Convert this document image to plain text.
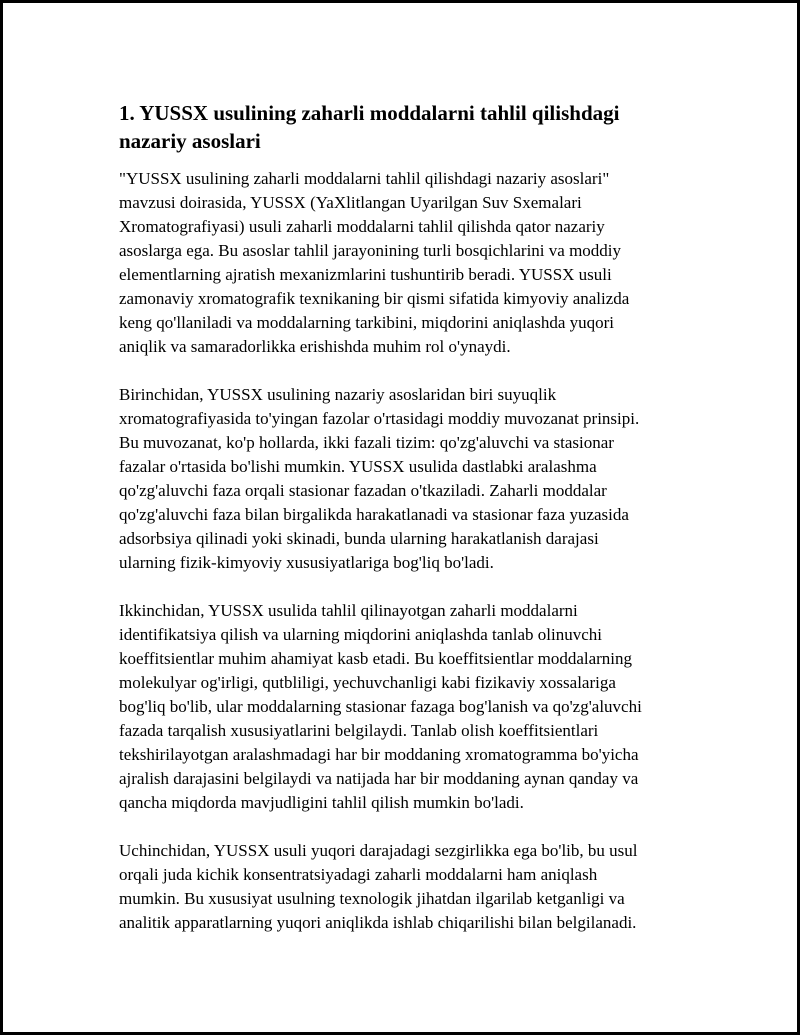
1. YUSSX usulining zaharli moddalarni tahlil qilishdagi
nazariy asoslari

"YUSSX usulining zaharli moddalarni tahlil qilishdagi nazariy asoslari"
mavzusi doirasida, YUSSX (YaXlitlangan Uyarilgan Suv Sxemalari
Xromatografiyasi) usuli zaharli moddalarni tahlil qilishda qator nazariy
asoslarga ega. Bu asoslar tahlil jarayonining turli bosqichlarini va moddiy
elementlarning ajratish mexanizmlarini tushuntirib beradi. YUSSX usuli
zamonaviy xromatografik texnikaning bir qismi sifatida kimyoviy analizda
keng qo'llaniladi va moddalarning tarkibini, miqdorini aniqlashda yuqori
aniqlik va samaradorlikka erishishda muhim rol o'ynaydi.

Birinchidan, YUSSX usulining nazariy asoslaridan biri suyuqlik
xromatografiyasida to'yingan fazolar o'rtasidagi moddiy muvozanat prinsipi.
Bu muvozanat, ko'p hollarda, ikki fazali tizim: qo'zg'aluvchi va stasionar
fazalar o'rtasida bo'lishi mumkin. YUSSX usulida dastlabki aralashma
qo'zg'aluvchi faza orqali stasionar fazadan o'tkaziladi. Zaharli moddalar
qo'zg'aluvchi faza bilan birgalikda harakatlanadi va stasionar faza yuzasida
adsorbsiya qilinadi yoki skinadi, bunda ularning harakatlanish darajasi
ularning fizik-kimyoviy xususiyatlariga bog'liq bo'ladi.

Ikkinchidan, YUSSX usulida tahlil qilinayotgan zaharli moddalarni
identifikatsiya qilish va ularning miqdorini aniqlashda tanlab olinuvchi
koeffitsientlar muhim ahamiyat kasb etadi. Bu koeffitsientlar moddalarning
molekulyar og'irligi, qutbliligi, yechuvchanligi kabi fizikaviy xossalariga
bog'liq bo'lib, ular moddalarning stasionar fazaga bog'lanish va qo'zg'aluvchi
fazada tarqalish xususiyatlarini belgilaydi. Tanlab olish koeffitsientlari
tekshirilayotgan aralashmadagi har bir moddaning xromatogramma bo'yicha
ajralish darajasini belgilaydi va natijada har bir moddaning aynan qanday va
qancha miqdorda mavjudligini tahlil qilish mumkin bo'ladi.

Uchinchidan, YUSSX usuli yuqori darajadagi sezgirlikka ega bo'lib, bu usul
orqali juda kichik konsentratsiyadagi zaharli moddalarni ham aniqlash
mumkin. Bu xususiyat usulning texnologik jihatdan ilgarilab ketganligi va
analitik apparatlarning yuqori aniqlikda ishlab chiqarilishi bilan belgilanadi.
